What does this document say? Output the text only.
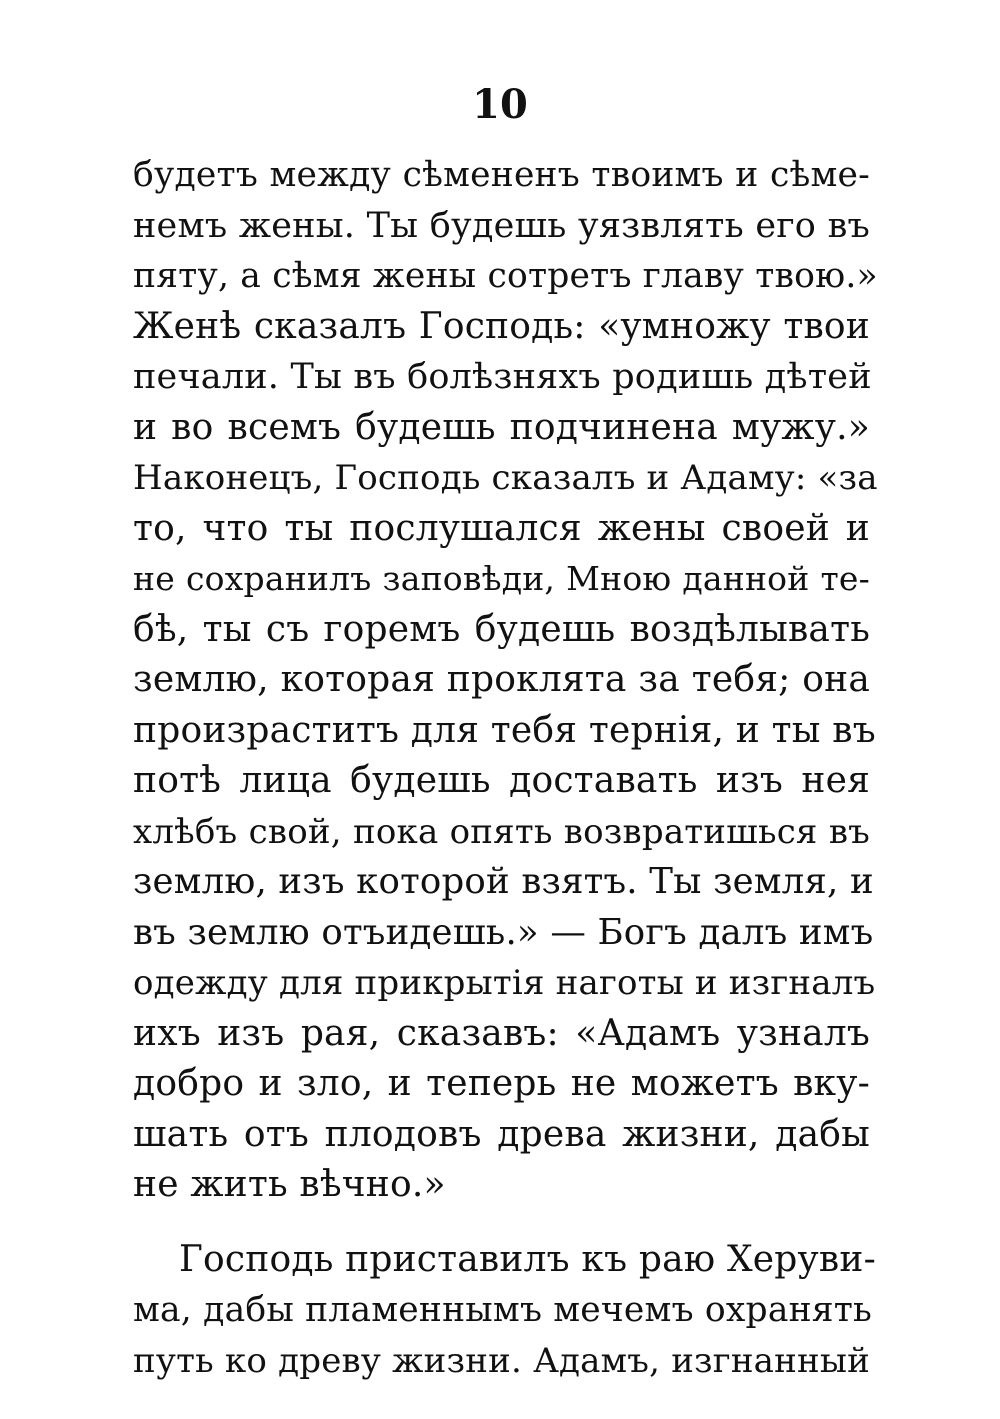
10
будетъ между сѣмененъ твоимъ и сѣме-
немъ жены. Ты будешь уязвлять его въ
пяту, а сѣмя жены сотретъ главу твою.»
Женѣ сказалъ Господь: «умножу твои
печали. Ты въ болѣзняхъ родишь дѣтей
и во всемъ будешь подчинена мужу.»
Наконецъ, Господь сказалъ и Адаму: «за
то, что ты послушался жены своей и
не сохранилъ заповѣди, Мною данной те-
бѣ, ты съ горемъ будешь воздѣлывать
землю, которая проклята за тебя; она
произраститъ для тебя тернія, и ты въ
потѣ лица будешь доставать изъ нея
хлѣбъ свой, пока опять возвратишься въ
землю, изъ которой взятъ. Ты земля, и
въ землю отъидешь.» — Богъ далъ имъ
одежду для прикрытія наготы и изгналъ
ихъ изъ рая, сказавъ: «Адамъ узналъ
добро и зло, и теперь не можетъ вку-
шать отъ плодовъ древа жизни, дабы
не жить вѣчно.»
Господь приставилъ къ раю Херуви-
ма, дабы пламеннымъ мечемъ охранять
путь ко древу жизни. Адамъ, изгнанный
